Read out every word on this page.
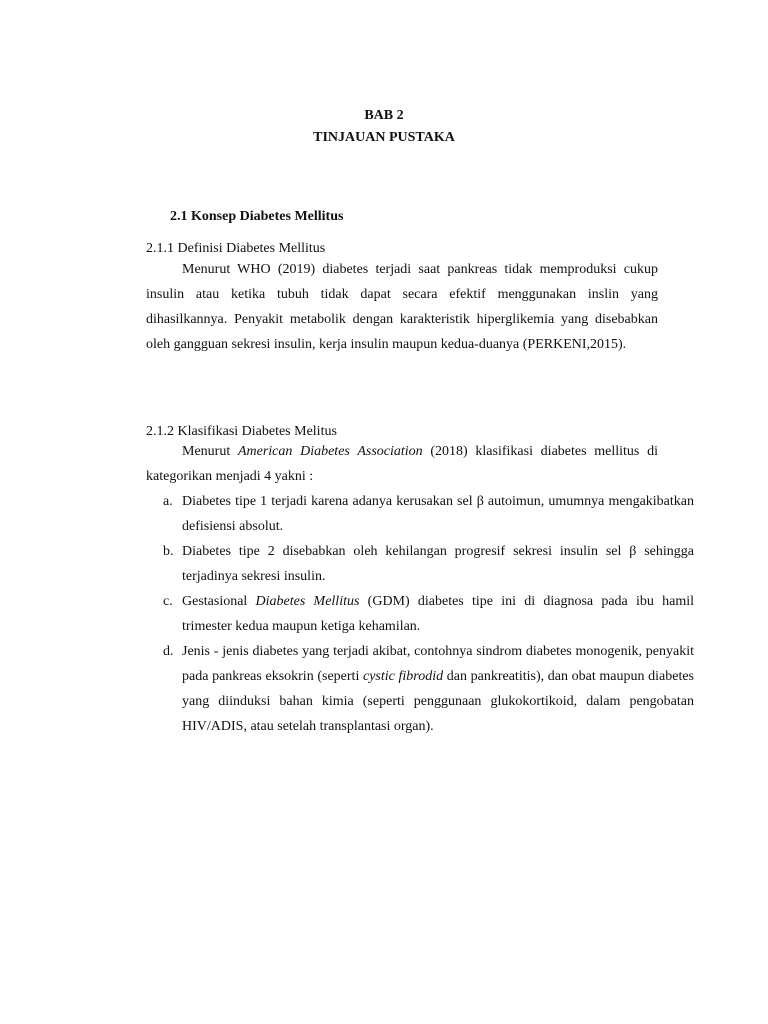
BAB 2

TINJAUAN PUSTAKA

2.1 Konsep Diabetes Mellitus

2.1.1 Definisi Diabetes Mellitus

Menurut WHO (2019) diabetes terjadi saat pankreas tidak memproduksi cukup insulin atau ketika tubuh tidak dapat secara efektif menggunakan inslin yang dihasilkannya. Penyakit metabolik dengan karakteristik hiperglikemia yang disebabkan oleh gangguan sekresi insulin, kerja insulin maupun kedua-duanya (PERKENI,2015).

2.1.2 Klasifikasi Diabetes Melitus

Menurut American Diabetes Association (2018) klasifikasi diabetes mellitus di kategorikan menjadi 4 yakni :

a. Diabetes tipe 1 terjadi karena adanya kerusakan sel β autoimun, umumnya mengakibatkan defisiensi absolut.
b. Diabetes tipe 2 disebabkan oleh kehilangan progresif sekresi insulin sel β sehingga terjadinya sekresi insulin.
c. Gestasional Diabetes Mellitus (GDM) diabetes tipe ini di diagnosa pada ibu hamil trimester kedua maupun ketiga kehamilan.
d. Jenis - jenis diabetes yang terjadi akibat, contohnya sindrom diabetes monogenik, penyakit pada pankreas eksokrin (seperti cystic fibrodid dan pankreatitis), dan obat maupun diabetes yang diinduksi bahan kimia (seperti penggunaan glukokortikoid, dalam pengobatan HIV/ADIS, atau setelah transplantasi organ).
